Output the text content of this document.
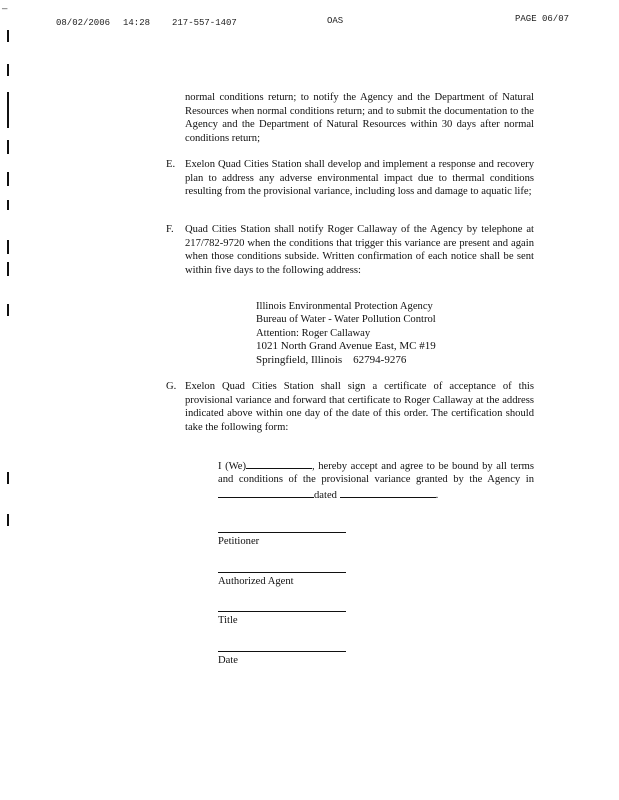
—
08/02/2006 14:28 217-557-1407	OAS	PAGE 06/07
normal conditions return; to notify the Agency and the Department of Natural Resources when normal conditions return; and to submit the documentation to the Agency and the Department of Natural Resources within 30 days after normal conditions return;
E. Exelon Quad Cities Station shall develop and implement a response and recovery plan to address any adverse environmental impact due to thermal conditions resulting from the provisional variance, including loss and damage to aquatic life;
F. Quad Cities Station shall notify Roger Callaway of the Agency by telephone at 217/782-9720 when the conditions that trigger this variance are present and again when those conditions subside. Written confirmation of each notice shall be sent within five days to the following address:
Illinois Environmental Protection Agency
Bureau of Water - Water Pollution Control
Attention: Roger Callaway
1021 North Grand Avenue East, MC #19
Springfield, Illinois    62794-9276
G. Exelon Quad Cities Station shall sign a certificate of acceptance of this provisional variance and forward that certificate to Roger Callaway at the address indicated above within one day of the date of this order. The certification should take the following form:
I (We)	, hereby accept and agree to be bound by all terms and conditions of the provisional variance granted by the Agency in dated	.
Petitioner
Authorized Agent
Title
Date
